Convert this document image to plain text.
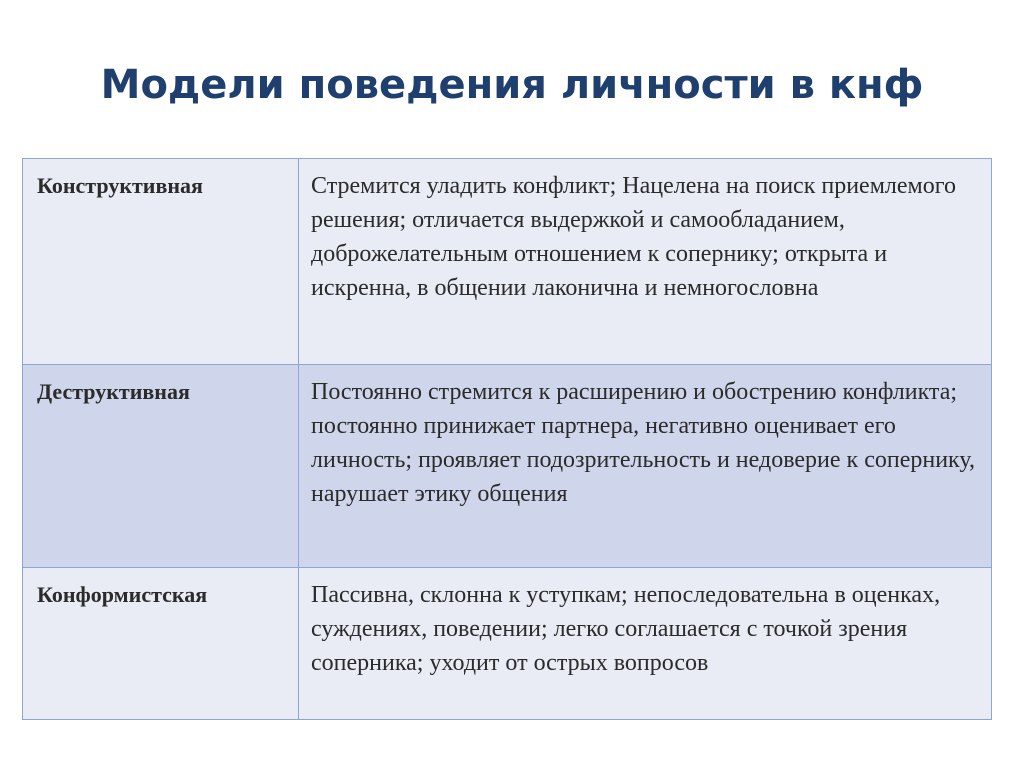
Модели поведения личности в кнф
Конструктивная	Стремится уладить конфликт; Нацелена на поиск приемлемого решения; отличается выдержкой и самообладанием, доброжелательным отношением к сопернику; открыта и искренна, в общении лаконична и немногословна
Деструктивная	Постоянно стремится к расширению и обострению конфликта; постоянно принижает партнера, негативно оценивает его личность; проявляет подозрительность и недоверие к сопернику, нарушает этику общения
Конформистская	Пассивна, склонна к уступкам; непоследовательна в оценках, суждениях, поведении; легко соглашается с точкой зрения соперника; уходит от острых вопросов
